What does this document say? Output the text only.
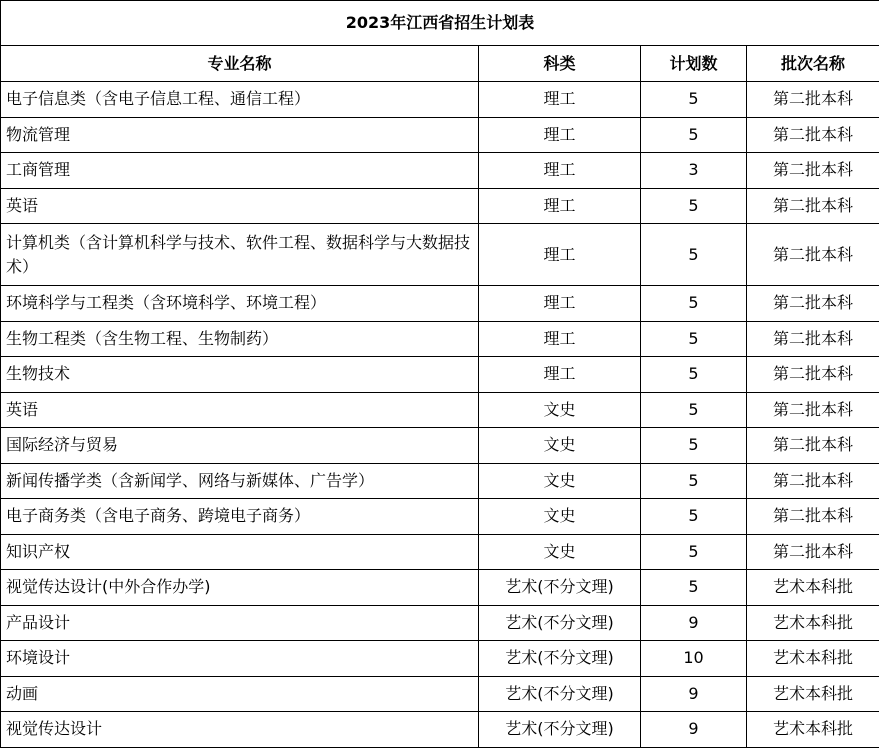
2023年江西省招生计划表			
专业名称	科类	计划数	批次名称
电子信息类（含电子信息工程、通信工程）	理工	5	第二批本科
物流管理	理工	5	第二批本科
工商管理	理工	3	第二批本科
英语	理工	5	第二批本科
计算机类（含计算机科学与技术、软件工程、数据科学与大数据技术）	理工	5	第二批本科
环境科学与工程类（含环境科学、环境工程）	理工	5	第二批本科
生物工程类（含生物工程、生物制药）	理工	5	第二批本科
生物技术	理工	5	第二批本科
英语	文史	5	第二批本科
国际经济与贸易	文史	5	第二批本科
新闻传播学类（含新闻学、网络与新媒体、广告学）	文史	5	第二批本科
电子商务类（含电子商务、跨境电子商务）	文史	5	第二批本科
知识产权	文史	5	第二批本科
视觉传达设计(中外合作办学)	艺术(不分文理)	5	艺术本科批
产品设计	艺术(不分文理)	9	艺术本科批
环境设计	艺术(不分文理)	10	艺术本科批
动画	艺术(不分文理)	9	艺术本科批
视觉传达设计	艺术(不分文理)	9	艺术本科批
